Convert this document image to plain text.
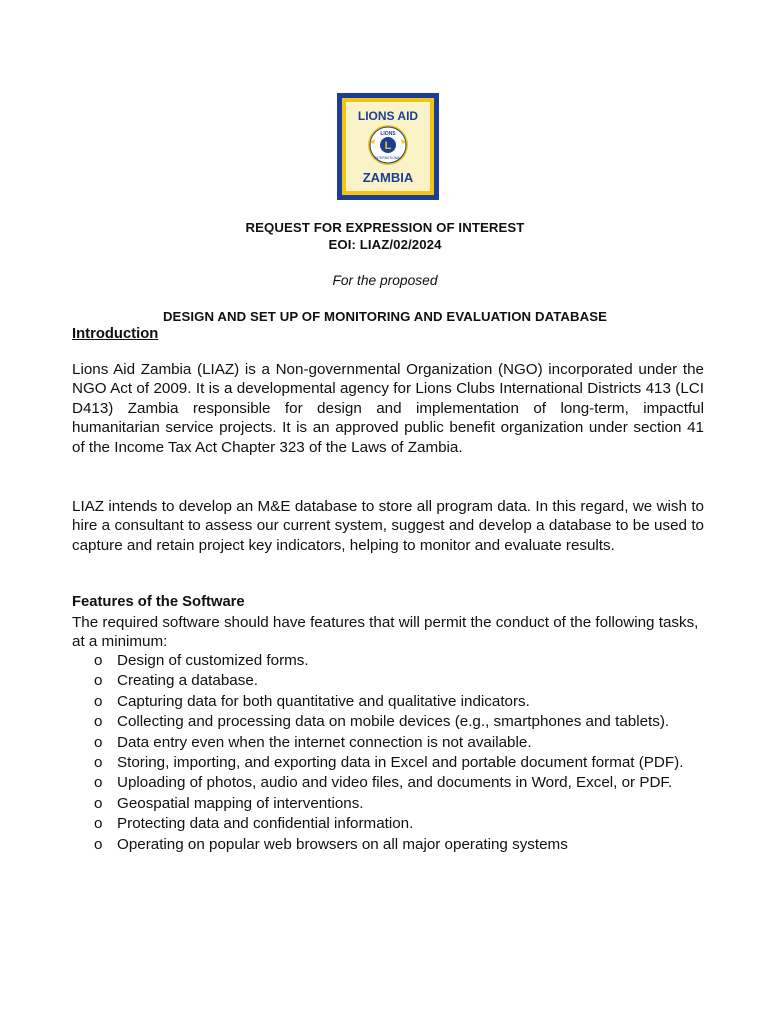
LIONS AID
LIONS
L
INTERNATIONAL
ZAMBIA
REQUEST FOR EXPRESSION OF INTEREST
EOI: LIAZ/02/2024
For the proposed
DESIGN AND SET UP OF MONITORING AND EVALUATION DATABASE
Introduction

Lions Aid Zambia (LIAZ) is a Non-governmental Organization (NGO) incorporated under the NGO Act of 2009. It is a developmental agency for Lions Clubs International Districts 413 (LCI D413) Zambia responsible for design and implementation of long-term, impactful humanitarian service projects. It is an approved public benefit organization under section 41 of the Income Tax Act Chapter 323 of the Laws of Zambia.

LIAZ intends to develop an M&E database to store all program data. In this regard, we wish to hire a consultant to assess our current system, suggest and develop a database to be used to capture and retain project key indicators, helping to monitor and evaluate results.

Features of the Software

The required software should have features that will permit the conduct of the following tasks, at a minimum:

o Design of customized forms.
o Creating a database.
o Capturing data for both quantitative and qualitative indicators.
o Collecting and processing data on mobile devices (e.g., smartphones and tablets).
o Data entry even when the internet connection is not available.
o Storing, importing, and exporting data in Excel and portable document format (PDF).
o Uploading of photos, audio and video files, and documents in Word, Excel, or PDF.
o Geospatial mapping of interventions.
o Protecting data and confidential information.
o Operating on popular web browsers on all major operating systems
